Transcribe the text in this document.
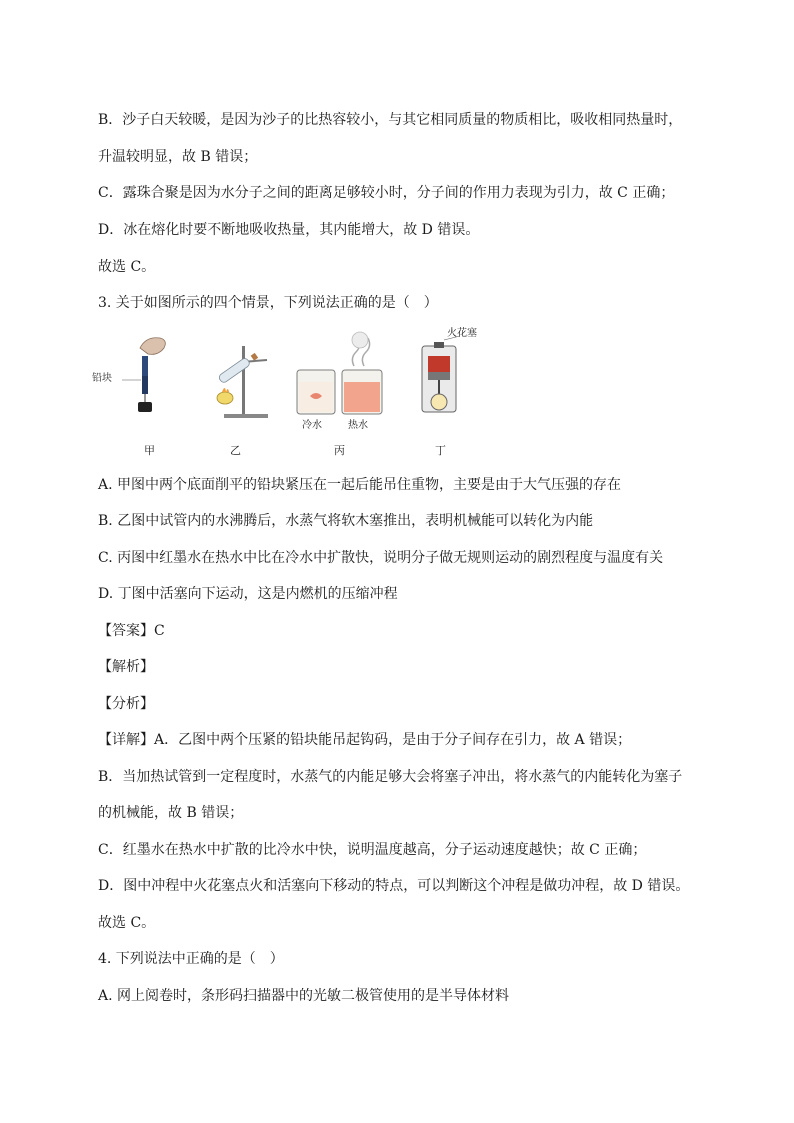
B．沙子白天较暖，是因为沙子的比热容较小，与其它相同质量的物质相比，吸收相同热量时，
升温较明显，故 B 错误；
C．露珠合聚是因为水分子之间的距离足够较小时，分子间的作用力表现为引力，故 C 正确；
D．冰在熔化时要不断地吸收热量，其内能增大，故 D 错误。
故选 C。
3. 关于如图所示的四个情景，下列说法正确的是（　）
铅块
火花塞
冷水	热水
甲	乙	丙	丁
A. 甲图中两个底面削平的铅块紧压在一起后能吊住重物，主要是由于大气压强的存在
B. 乙图中试管内的水沸腾后，水蒸气将软木塞推出，表明机械能可以转化为内能
C. 丙图中红墨水在热水中比在冷水中扩散快，说明分子做无规则运动的剧烈程度与温度有关
D. 丁图中活塞向下运动，这是内燃机的压缩冲程
【答案】C
【解析】
【分析】
【详解】A．乙图中两个压紧的铅块能吊起钩码，是由于分子间存在引力，故 A 错误；
B．当加热试管到一定程度时，水蒸气的内能足够大会将塞子冲出，将水蒸气的内能转化为塞子
的机械能，故 B 错误；
C．红墨水在热水中扩散的比冷水中快，说明温度越高，分子运动速度越快；故 C 正确；
D．图中冲程中火花塞点火和活塞向下移动的特点，可以判断这个冲程是做功冲程，故 D 错误。
故选 C。
4. 下列说法中正确的是（　）
A. 网上阅卷时，条形码扫描器中的光敏二极管使用的是半导体材料
